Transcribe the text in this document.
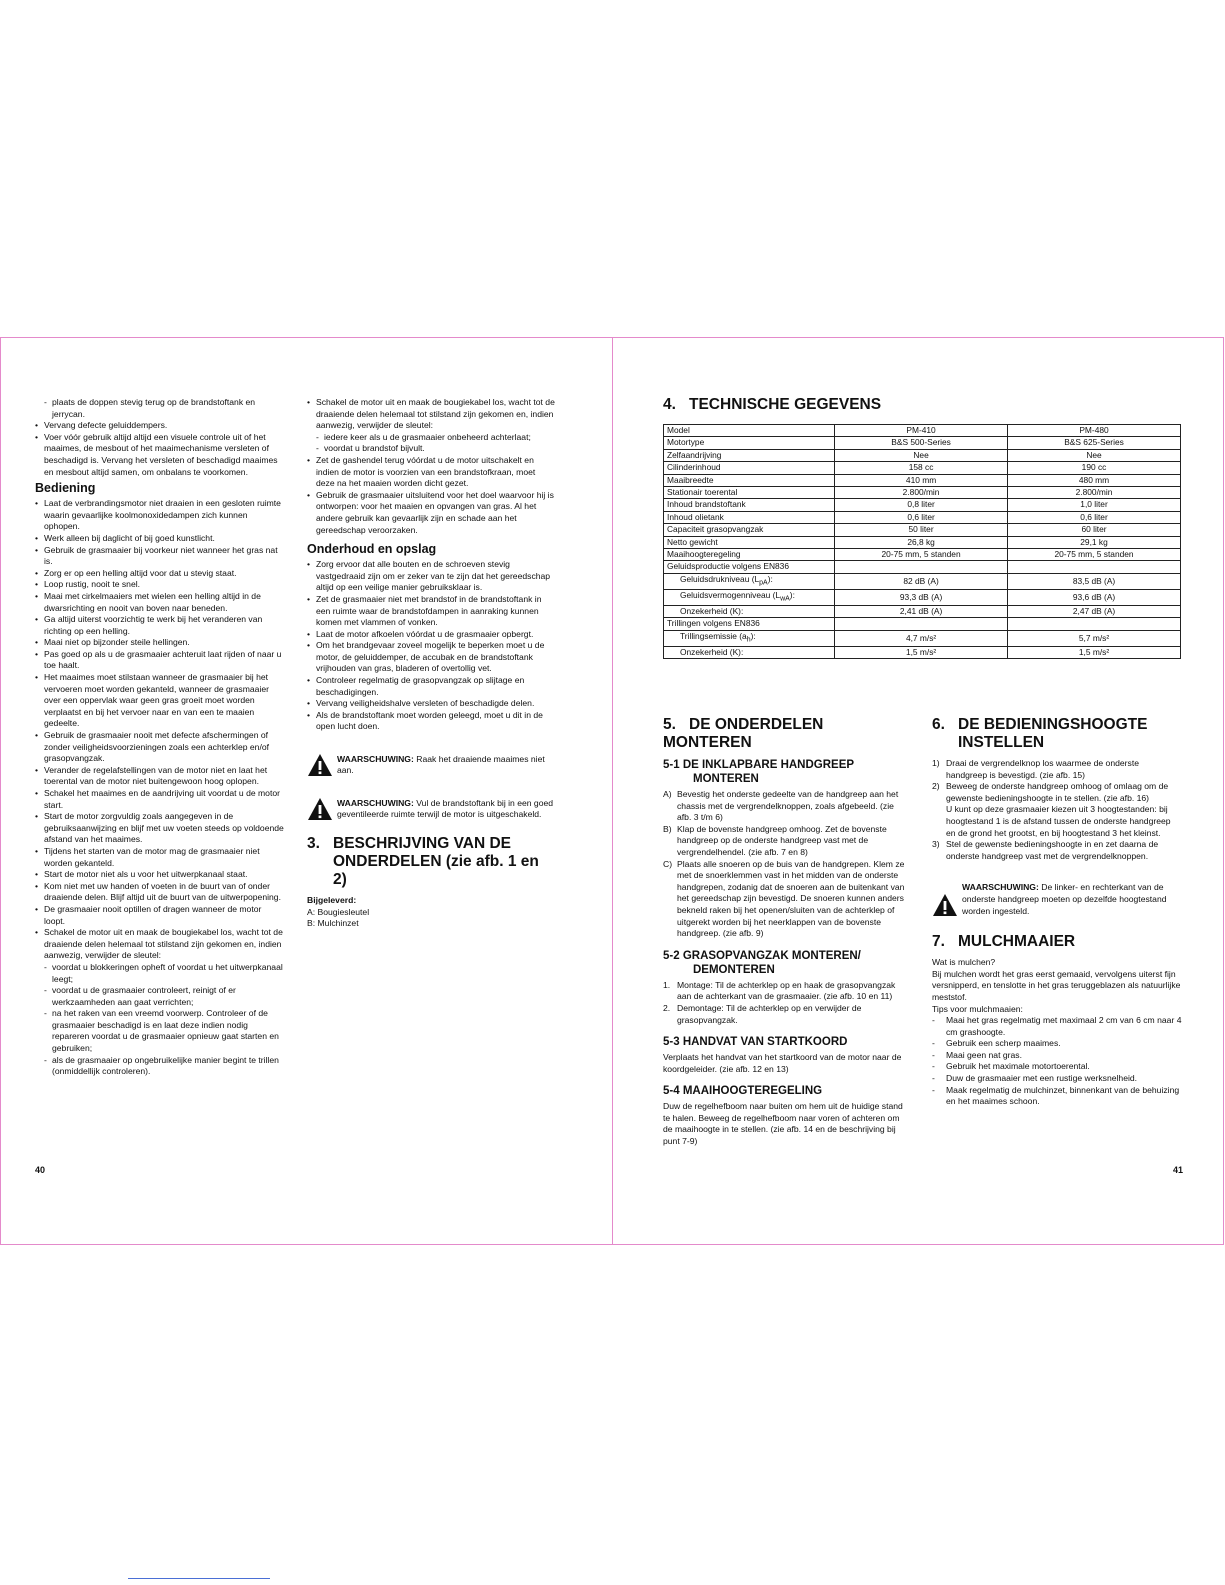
- plaats de doppen stevig terug op de brandstoftank en jerrycan.
• Vervang defecte geluiddempers.
• Voer vóór gebruik altijd altijd een visuele controle uit of het maaimes, de mesbout of het maaimechanisme versleten of beschadigd is. Vervang het versleten of beschadigd maaimes en mesbout altijd samen, om onbalans te voorkomen.
Bediening
• Laat de verbrandingsmotor niet draaien in een gesloten ruimte waarin gevaarlijke koolmonoxidedampen zich kunnen ophopen.
• Werk alleen bij daglicht of bij goed kunstlicht.
• Gebruik de grasmaaier bij voorkeur niet wanneer het gras nat is.
• Zorg er op een helling altijd voor dat u stevig staat.
• Loop rustig, nooit te snel.
• Maai met cirkelmaaiers met wielen een helling altijd in de dwarsrichting en nooit van boven naar beneden.
• Ga altijd uiterst voorzichtig te werk bij het veranderen van richting op een helling.
• Maai niet op bijzonder steile hellingen.
• Pas goed op als u de grasmaaier achteruit laat rijden of naar u toe haalt.
• Het maaimes moet stilstaan wanneer de grasmaaier bij het vervoeren moet worden gekanteld, wanneer de grasmaaier over een oppervlak waar geen gras groeit moet worden verplaatst en bij het vervoer naar en van een te maaien gedeelte.
• Gebruik de grasmaaier nooit met defecte afschermingen of zonder veiligheidsvoorzieningen zoals een achterklep en/of grasopvangzak.
• Verander de regelafstellingen van de motor niet en laat het toerental van de motor niet buitengewoon hoog oplopen.
• Schakel het maaimes en de aandrijving uit voordat u de motor start.
• Start de motor zorgvuldig zoals aangegeven in de gebruiksaanwijzing en blijf met uw voeten steeds op voldoende afstand van het maaimes.
• Tijdens het starten van de motor mag de grasmaaier niet worden gekanteld.
• Start de motor niet als u voor het uitwerpkanaal staat.
• Kom niet met uw handen of voeten in de buurt van of onder draaiende delen. Blijf altijd uit de buurt van de uitwerpopening.
• De grasmaaier nooit optillen of dragen wanneer de motor loopt.
• Schakel de motor uit en maak de bougiekabel los, wacht tot de draaiende delen helemaal tot stilstand zijn gekomen en, indien aanwezig, verwijder de sleutel:
- voordat u blokkeringen opheft of voordat u het uitwerpkanaal leegt;
- voordat u de grasmaaier controleert, reinigt of er werkzaamheden aan gaat verrichten;
- na het raken van een vreemd voorwerp. Controleer of de grasmaaier beschadigd is en laat deze indien nodig repareren voordat u de grasmaaier opnieuw gaat starten en gebruiken;
- als de grasmaaier op ongebruikelijke manier begint te trillen (onmiddellijk controleren).
• Schakel de motor uit en maak de bougiekabel los, wacht tot de draaiende delen helemaal tot stilstand zijn gekomen en, indien aanwezig, verwijder de sleutel:
- iedere keer als u de grasmaaier onbeheerd achterlaat;
- voordat u brandstof bijvult.
• Zet de gashendel terug vóórdat u de motor uitschakelt en indien de motor is voorzien van een brandstofkraan, moet deze na het maaien worden dicht gezet.
• Gebruik de grasmaaier uitsluitend voor het doel waarvoor hij is ontworpen: voor het maaien en opvangen van gras. Al het andere gebruik kan gevaarlijk zijn en schade aan het gereedschap veroorzaken.
Onderhoud en opslag
• Zorg ervoor dat alle bouten en de schroeven stevig vastgedraaid zijn om er zeker van te zijn dat het gereedschap altijd op een veilige manier gebruiksklaar is.
• Zet de grasmaaier niet met brandstof in de brandstoftank in een ruimte waar de brandstofdampen in aanraking kunnen komen met vlammen of vonken.
• Laat de motor afkoelen vóórdat u de grasmaaier opbergt.
• Om het brandgevaar zoveel mogelijk te beperken moet u de motor, de geluiddemper, de accubak en de brandstoftank vrijhouden van gras, bladeren of overtollig vet.
• Controleer regelmatig de grasopvangzak op slijtage en beschadigingen.
• Vervang veiligheidshalve versleten of beschadigde delen.
• Als de brandstoftank moet worden geleegd, moet u dit in de open lucht doen.
WAARSCHUWING: Raak het draaiende maaimes niet aan.
WAARSCHUWING: Vul de brandstoftank bij in een goed geventileerde ruimte terwijl de motor is uitgeschakeld.
3. BESCHRIJVING VAN DE
ONDERDELEN (zie afb. 1 en 2)

Bijgeleverd:

A: Bougiesleutel

B: Mulchinzet

40
4. TECHNISCHE GEGEVENS
Model	PM-410	PM-480
Motortype	B&S 500-Series	B&S 625-Series
Zelfaandrijving	Nee	Nee
Cilinderinhoud	158 cc	190 cc
Maaibreedte	410 mm	480 mm
Stationair toerental	2.800/min	2.800/min
Inhoud brandstoftank	0,8 liter	1,0 liter
Inhoud olietank	0,6 liter	0,6 liter
Capaciteit grasopvangzak	50 liter	60 liter
Netto gewicht	26,8 kg	29,1 kg
Maaihoogteregeling	20-75 mm, 5 standen	20-75 mm, 5 standen
Geluidsproductie volgens EN836		
Geluidsdrukniveau $(L_{pA})$:	82 dB (A)	83,5 dB (A)
Geluidsvermogenniveau $(L_{wA})$:	93,3 dB (A)	93,6 dB (A)
Onzekerheid (K):	2,41 dB (A)	2,47 dB (A)
Trillingen volgens EN836		
Trillingsemissie $(a_h)$:	4,7 m/s²	5,7 m/s²
Onzekerheid (K):	1,5 m/s²	1,5 m/s²
5. DE ONDERDELEN MONTEREN
5-1 DE INKLAPBARE HANDGREEP
MONTEREN
A) Bevestig het onderste gedeelte van de handgreep aan het chassis met de vergrendelknoppen, zoals afgebeeld. (zie afb. 3 t/m 6)
B) Klap de bovenste handgreep omhoog. Zet de bovenste handgreep op de onderste handgreep vast met de vergrendelhendel. (zie afb. 7 en 8)
C) Plaats alle snoeren op de buis van de handgrepen. Klem ze met de snoerklemmen vast in het midden van de onderste handgrepen, zodanig dat de snoeren aan de buitenkant van het gereedschap zijn bevestigd. De snoeren kunnen anders bekneld raken bij het openen/sluiten van de achterklep of uitgerekt worden bij het neerklappen van de bovenste handgreep. (zie afb. 9)
5-2 GRASOPVANGZAK MONTEREN/
DEMONTEREN
1. Montage: Til de achterklep op en haak de grasopvangzak aan de achterkant van de grasmaaier. (zie afb. 10 en 11)
2. Demontage: Til de achterklep op en verwijder de grasopvangzak.
5-3 HANDVAT VAN STARTKOORD

Verplaats het handvat van het startkoord van de motor naar de koordgeleider. (zie afb. 12 en 13)

5-4 MAAIHOOGTEREGELING

Duw de regelhefboom naar buiten om hem uit de huidige stand te halen. Beweeg de regelhefboom naar voren of achteren om de maaihoogte in te stellen. (zie afb. 14 en de beschrijving bij punt 7-9)

6. DE BEDIENINGSHOOGTE
INSTELLEN
1) Draai de vergrendelknop los waarmee de onderste handgreep is bevestigd. (zie afb. 15)
2) Beweeg de onderste handgreep omhoog of omlaag om de gewenste bedieningshoogte in te stellen. (zie afb. 16)
U kunt op deze grasmaaier kiezen uit 3 hoogtestanden: bij hoogtestand 1 is de afstand tussen de onderste handgreep en de grond het grootst, en bij hoogtestand 3 het kleinst.
3) Stel de gewenste bedieningshoogte in en zet daarna de onderste handgreep vast met de vergrendelknoppen.
WAARSCHUWING: De linker- en rechterkant van de onderste handgreep moeten op dezelfde hoogtestand worden ingesteld.
7. MULCHMAAIER

Wat is mulchen?

Bij mulchen wordt het gras eerst gemaaid, vervolgens uiterst fijn versnipperd, en tenslotte in het gras teruggeblazen als natuurlijke meststof.

Tips voor mulchmaaien:

- Maai het gras regelmatig met maximaal 2 cm van 6 cm naar 4 cm grashoogte.
- Gebruik een scherp maaimes.
- Maai geen nat gras.
- Gebruik het maximale motortoerental.
- Duw de grasmaaier met een rustige werksnelheid.
- Maak regelmatig de mulchinzet, binnenkant van de behuizing en het maaimes schoon.
41
